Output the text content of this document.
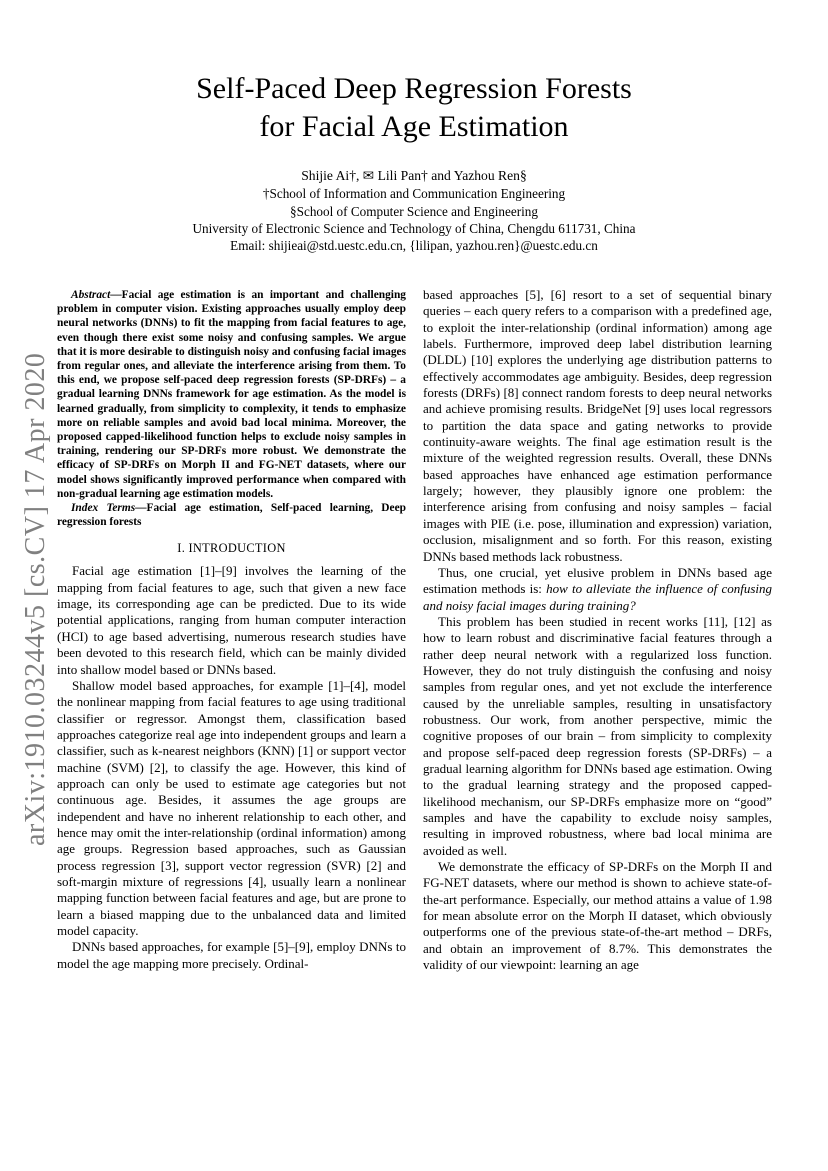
Self-Paced Deep Regression Forests
for Facial Age Estimation
Shijie Ai†, ✉ Lili Pan† and Yazhou Ren§
†School of Information and Communication Engineering
§School of Computer Science and Engineering
University of Electronic Science and Technology of China, Chengdu 611731, China
Email: shijieai@std.uestc.edu.cn, {lilipan, yazhou.ren}@uestc.edu.cn
arXiv:1910.03244v5 [cs.CV] 17 Apr 2020

Abstract—Facial age estimation is an important and challenging problem in computer vision. Existing approaches usually employ deep neural networks (DNNs) to fit the mapping from facial features to age, even though there exist some noisy and confusing samples. We argue that it is more desirable to distinguish noisy and confusing facial images from regular ones, and alleviate the interference arising from them. To this end, we propose self-paced deep regression forests (SP-DRFs) – a gradual learning DNNs framework for age estimation. As the model is learned gradually, from simplicity to complexity, it tends to emphasize more on reliable samples and avoid bad local minima. Moreover, the proposed capped-likelihood function helps to exclude noisy samples in training, rendering our SP-DRFs more robust. We demonstrate the efficacy of SP-DRFs on Morph II and FG-NET datasets, where our model shows significantly improved performance when compared with non-gradual learning age estimation models.

Index Terms—Facial age estimation, Self-paced learning, Deep regression forests

I. INTRODUCTION

Facial age estimation [1]–[9] involves the learning of the mapping from facial features to age, such that given a new face image, its corresponding age can be predicted. Due to its wide potential applications, ranging from human computer interaction (HCI) to age based advertising, numerous research studies have been devoted to this research field, which can be mainly divided into shallow model based or DNNs based.

Shallow model based approaches, for example [1]–[4], model the nonlinear mapping from facial features to age using traditional classifier or regressor. Amongst them, classification based approaches categorize real age into independent groups and learn a classifier, such as k-nearest neighbors (KNN) [1] or support vector machine (SVM) [2], to classify the age. However, this kind of approach can only be used to estimate age categories but not continuous age. Besides, it assumes the age groups are independent and have no inherent relationship to each other, and hence may omit the inter-relationship (ordinal information) among age groups. Regression based approaches, such as Gaussian process regression [3], support vector regression (SVR) [2] and soft-margin mixture of regressions [4], usually learn a nonlinear mapping function between facial features and age, but are prone to learn a biased mapping due to the unbalanced data and limited model capacity.

DNNs based approaches, for example [5]–[9], employ DNNs to model the age mapping more precisely. Ordinal-

based approaches [5], [6] resort to a set of sequential binary queries – each query refers to a comparison with a predefined age, to exploit the inter-relationship (ordinal information) among age labels. Furthermore, improved deep label distribution learning (DLDL) [10] explores the underlying age distribution patterns to effectively accommodates age ambiguity. Besides, deep regression forests (DRFs) [8] connect random forests to deep neural networks and achieve promising results. BridgeNet [9] uses local regressors to partition the data space and gating networks to provide continuity-aware weights. The final age estimation result is the mixture of the weighted regression results. Overall, these DNNs based approaches have enhanced age estimation performance largely; however, they plausibly ignore one problem: the interference arising from confusing and noisy samples – facial images with PIE (i.e. pose, illumination and expression) variation, occlusion, misalignment and so forth. For this reason, existing DNNs based methods lack robustness.

Thus, one crucial, yet elusive problem in DNNs based age estimation methods is: how to alleviate the influence of confusing and noisy facial images during training?

This problem has been studied in recent works [11], [12] as how to learn robust and discriminative facial features through a rather deep neural network with a regularized loss function. However, they do not truly distinguish the confusing and noisy samples from regular ones, and yet not exclude the interference caused by the unreliable samples, resulting in unsatisfactory robustness. Our work, from another perspective, mimic the cognitive proposes of our brain – from simplicity to complexity and propose self-paced deep regression forests (SP-DRFs) – a gradual learning algorithm for DNNs based age estimation. Owing to the gradual learning strategy and the proposed capped-likelihood mechanism, our SP-DRFs emphasize more on “good” samples and have the capability to exclude noisy samples, resulting in improved robustness, where bad local minima are avoided as well.

We demonstrate the efficacy of SP-DRFs on the Morph II and FG-NET datasets, where our method is shown to achieve state-of-the-art performance. Especially, our method attains a value of 1.98 for mean absolute error on the Morph II dataset, which obviously outperforms one of the previous state-of-the-art method – DRFs, and obtain an improvement of 8.7%. This demonstrates the validity of our viewpoint: learning an age
